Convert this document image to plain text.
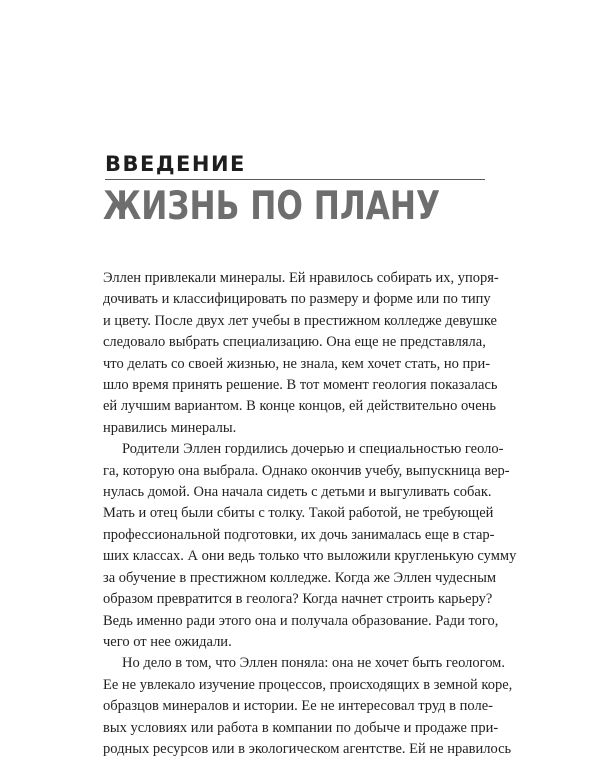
ВВЕДЕНИЕ
ЖИЗНЬ ПО ПЛАНУ

Эллен привлекали минералы. Ей нравилось собирать их, упоря-
дочивать и классифицировать по размеру и форме или по типу
и цвету. После двух лет учебы в престижном колледже девушке
следовало выбрать специализацию. Она еще не представляла,
что делать со своей жизнью, не знала, кем хочет стать, но при-
шло время принять решение. В тот момент геология показалась
ей лучшим вариантом. В конце концов, ей действительно очень
нравились минералы.

Родители Эллен гордились дочерью и специальностью геоло-
га, которую она выбрала. Однако окончив учебу, выпускница вер-
нулась домой. Она начала сидеть с детьми и выгуливать собак.
Мать и отец были сбиты с толку. Такой работой, не требующей
профессиональной подготовки, их дочь занималась еще в стар-
ших классах. А они ведь только что выложили кругленькую сумму
за обучение в престижном колледже. Когда же Эллен чудесным
образом превратится в геолога? Когда начнет строить карьеру?
Ведь именно ради этого она и получала образование. Ради того,
чего от нее ожидали.

Но дело в том, что Эллен поняла: она не хочет быть геологом.
Ее не увлекало изучение процессов, происходящих в земной коре,
образцов минералов и истории. Ее не интересовал труд в поле-
вых условиях или работа в компании по добыче и продаже при-
родных ресурсов или в экологическом агентстве. Ей не нравилось
